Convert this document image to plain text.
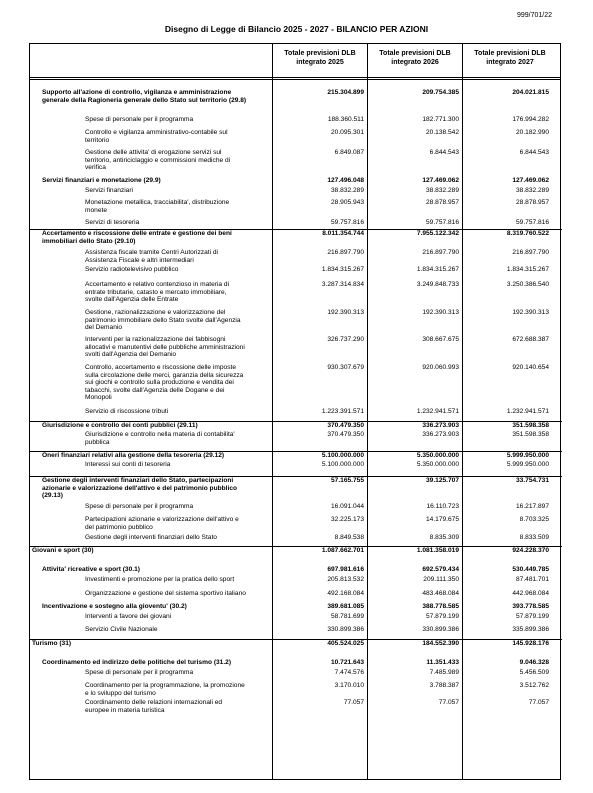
999/701/22
Disegno di Legge di Bilancio 2025 - 2027 - BILANCIO PER AZIONI
Totale previsioni DLB integrato 2025
Totale previsioni DLB integrato 2026
Totale previsioni DLB integrato 2027
Supporto all'azione di controllo, vigilanza e amministrazione generale della Ragioneria generale dello Stato sul territorio (29.8)
215.304.899	209.754.385	204.021.815
Spese di personale per il programma	188.360.511	182.771.300	176.994.282
Controllo e vigilanza amministrativo-contabile sul territorio
20.095.301	20.138.542	20.182.990
Gestione delle attivita' di erogazione servizi sul territorio, antiriciclaggio e commissioni mediche di verifica
6.849.087	6.844.543	6.844.543
Servizi finanziari e monetazione (29.9)	127.496.048	127.469.062	127.469.062
Servizi finanziari	38.832.289	38.832.289	38.832.289
Monetazione metallica, tracciabilita', distribuzione monete
28.905.943	28.878.957	28.878.957
Servizi di tesoreria	59.757.816	59.757.816	59.757.816
Accertamento e riscossione delle entrate e gestione dei beni immobiliari dello Stato (29.10)
8.011.354.744	7.955.122.342	8.319.760.522
Assistenza fiscale tramite Centri Autorizzati di Assistenza Fiscale e altri intermediari
216.897.790	216.897.790	216.897.790
Servizio radiotelevisivo pubblico	1.834.315.267	1.834.315.267	1.834.315.267
Accertamento e relativo contenzioso in materia di entrate tributarie, catasto e mercato immobiliare, svolte dall'Agenzia delle Entrate
3.287.314.834	3.249.848.733	3.250.386.540
Gestione, razionalizzazione e valorizzazione del patrimonio immobiliare dello Stato svolte dall'Agenzia del Demanio
192.390.313	192.390.313	192.390.313
Interventi per la razionalizzazione dei fabbisogni allocativi e manutentivi delle pubbliche amministrazioni svolti dall'Agenzia del Demanio
326.737.290	308.667.675	672.688.387
Controllo, accertamento e riscossione delle imposte sulla circolazione delle merci, garanzia della sicurezza sui giochi e controllo sulla produzione e vendita dei tabacchi, svolte dall'Agenzia delle Dogane e dei Monopoli
930.307.679	920.060.993	920.140.654
Servizio di riscossione tributi	1.223.391.571	1.232.941.571	1.232.941.571
Giurisdizione e controllo dei conti pubblici (29.11)	370.479.350	336.273.903	351.598.358
Giurisdizione e controllo nella materia di contabilita' pubblica
370.479.350	336.273.903	351.598.358
Oneri finanziari relativi alla gestione della tesoreria (29.12)	5.100.000.000	5.350.000.000	5.999.950.000
Interessi sui conti di tesoreria	5.100.000.000	5.350.000.000	5.999.950.000
Gestione degli interventi finanziari dello Stato, partecipazioni azionarie e valorizzazione dell'attivo e del patrimonio pubblico (29.13)
57.165.755	39.125.707	33.754.731
Spese di personale per il programma	16.091.044	16.110.723	16.217.897
Partecipazioni azionarie e valorizzazione dell'attivo e del patrimonio pubblico
32.225.173	14.179.675	8.703.325
Gestione degli interventi finanziari dello Stato	8.849.538	8.835.309	8.833.509
Giovani e sport (30)	1.087.662.701	1.081.358.019	924.228.370
Attivita' ricreative e sport (30.1)	697.981.616	692.579.434	530.449.785
Investimenti e promozione per la pratica dello sport	205.813.532	209.111.350	87.481.701
Organizzazione e gestione del sistema sportivo italiano	492.168.084	483.468.084	442.968.084
Incentivazione e sostegno alla gioventu' (30.2)	389.681.085	388.778.585	393.778.585
Interventi a favore dei giovani	58.781.699	57.879.199	57.879.199
Servizio Civile Nazionale	330.899.386	330.899.386	335.899.386
Turismo (31)	405.524.025	184.552.390	145.928.176
Coordinamento ed indirizzo delle politiche del turismo (31.2)	10.721.643	11.351.433	9.046.328
Spese di personale per il programma	7.474.576	7.485.989	5.456.509
Coordinamento per la programmazione, la promozione e lo sviluppo del turismo
3.170.010	3.788.387	3.512.762
Coordinamento delle relazioni internazionali ed europee in materia turistica
77.057	77.057	77.057
